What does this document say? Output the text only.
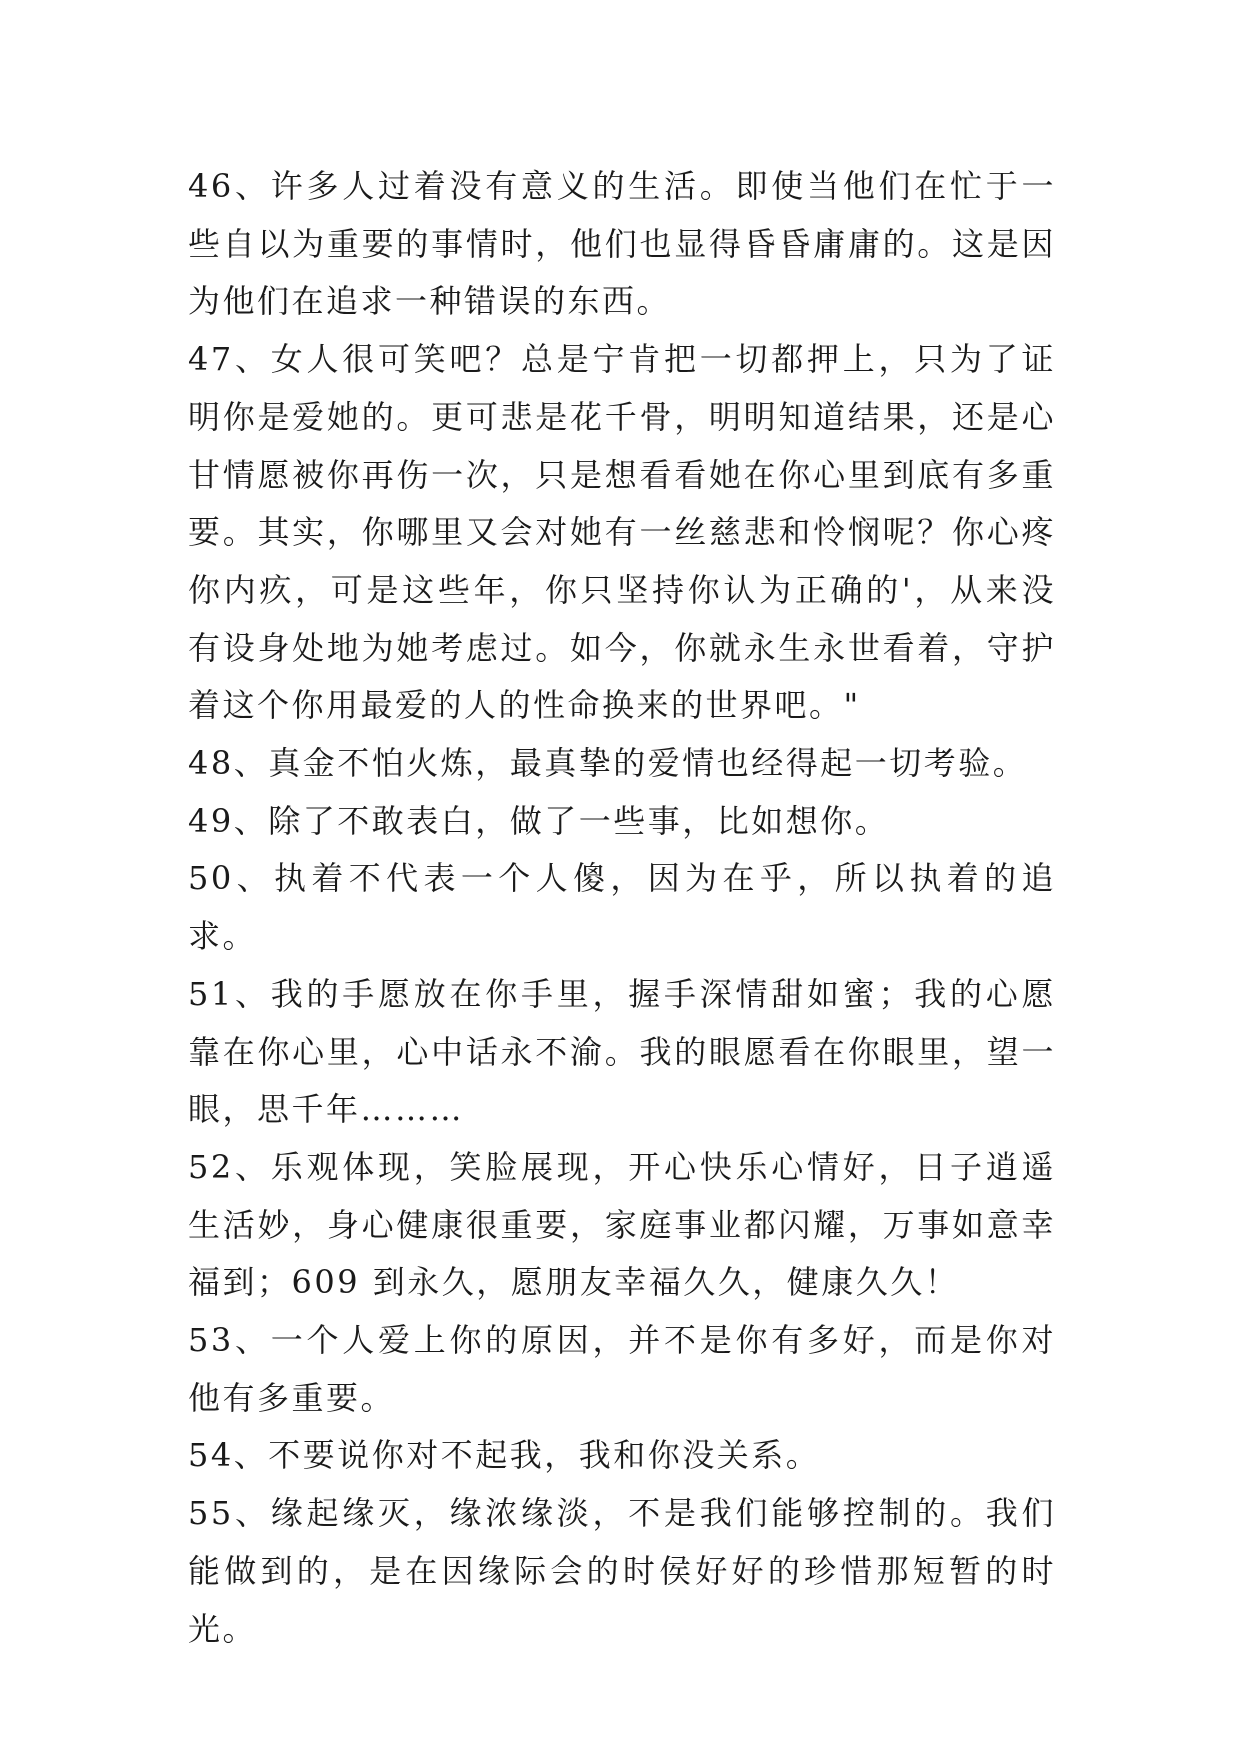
46、许多人过着没有意义的生活。即使当他们在忙于一些自以为重要的事情时，他们也显得昏昏庸庸的。这是因为他们在追求一种错误的东西。

47、女人很可笑吧？总是宁肯把一切都押上，只为了证明你是爱她的。更可悲是花千骨，明明知道结果，还是心甘情愿被你再伤一次，只是想看看她在你心里到底有多重要。其实，你哪里又会对她有一丝慈悲和怜悯呢？你心疼你内疚，可是这些年，你只坚持你认为正确的'，从来没有设身处地为她考虑过。如今，你就永生永世看着，守护着这个你用最爱的人的性命换来的世界吧。"

48、真金不怕火炼，最真挚的爱情也经得起一切考验。

49、除了不敢表白，做了一些事，比如想你。

50、执着不代表一个人傻，因为在乎，所以执着的追求。

51、我的手愿放在你手里，握手深情甜如蜜；我的心愿靠在你心里，心中话永不渝。我的眼愿看在你眼里，望一眼，思千年………

52、乐观体现，笑脸展现，开心快乐心情好，日子逍遥生活妙，身心健康很重要，家庭事业都闪耀，万事如意幸福到；609 到永久，愿朋友幸福久久，健康久久！

53、一个人爱上你的原因，并不是你有多好，而是你对他有多重要。

54、不要说你对不起我，我和你没关系。

55、缘起缘灭，缘浓缘淡，不是我们能够控制的。我们能做到的，是在因缘际会的时侯好好的珍惜那短暂的时光。
